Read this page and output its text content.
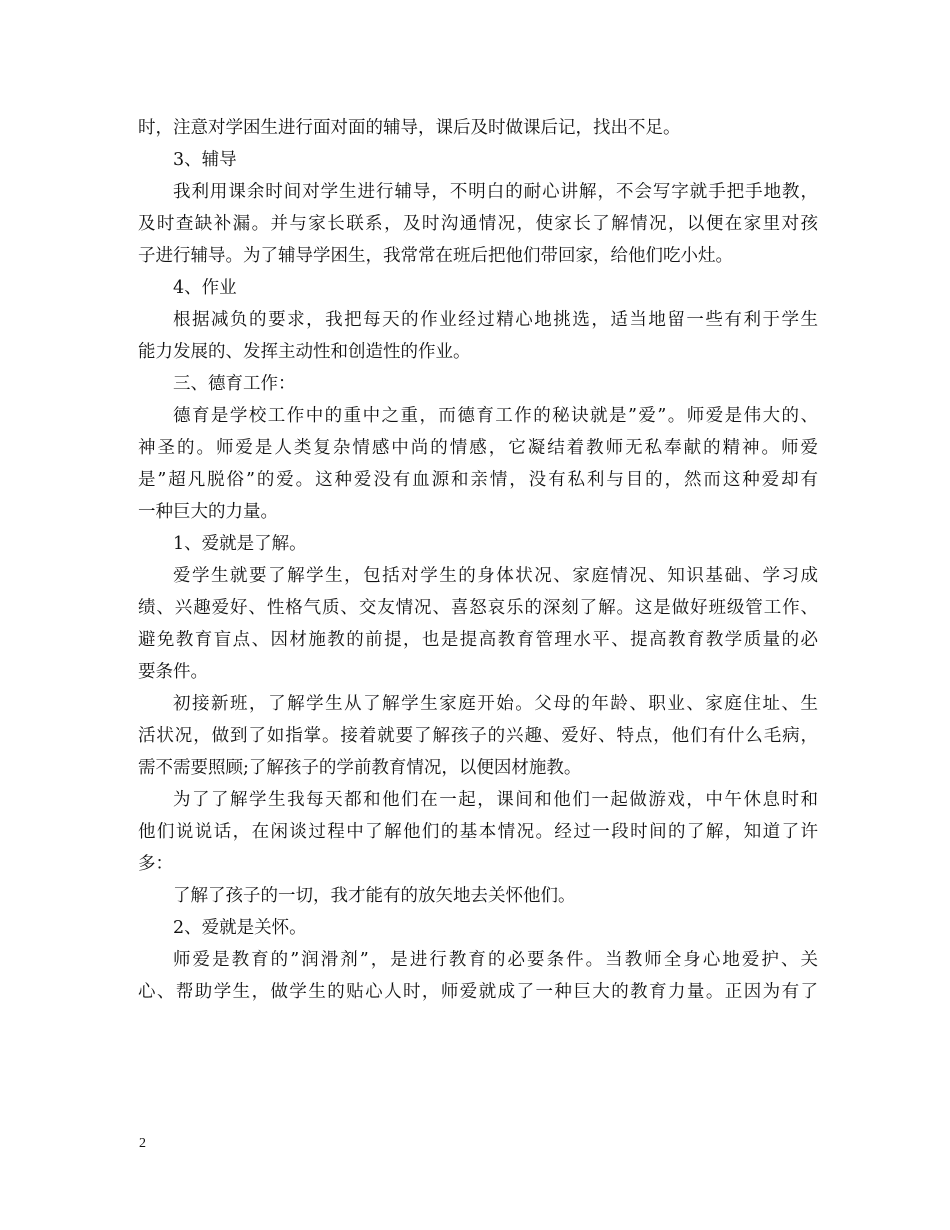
时，注意对学困生进行面对面的辅导，课后及时做课后记，找出不足。
3、辅导
我利用课余时间对学生进行辅导，不明白的耐心讲解，不会写字就手把手地教，
及时查缺补漏。并与家长联系，及时沟通情况，使家长了解情况，以便在家里对孩
子进行辅导。为了辅导学困生，我常常在班后把他们带回家，给他们吃小灶。
4、作业
根据减负的要求，我把每天的作业经过精心地挑选，适当地留一些有利于学生
能力发展的、发挥主动性和创造性的作业。
三、德育工作：
德育是学校工作中的重中之重，而德育工作的秘诀就是”爱”。师爱是伟大的、
神圣的。师爱是人类复杂情感中尚的情感，它凝结着教师无私奉献的精神。师爱
是”超凡脱俗”的爱。这种爱没有血源和亲情，没有私利与目的，然而这种爱却有
一种巨大的力量。
1、爱就是了解。
爱学生就要了解学生，包括对学生的身体状况、家庭情况、知识基础、学习成
绩、兴趣爱好、性格气质、交友情况、喜怒哀乐的深刻了解。这是做好班级管工作、
避免教育盲点、因材施教的前提，也是提高教育管理水平、提高教育教学质量的必
要条件。
初接新班，了解学生从了解学生家庭开始。父母的年龄、职业、家庭住址、生
活状况，做到了如指掌。接着就要了解孩子的兴趣、爱好、特点，他们有什么毛病，
需不需要照顾;了解孩子的学前教育情况，以便因材施教。
为了了解学生我每天都和他们在一起，课间和他们一起做游戏，中午休息时和
他们说说话，在闲谈过程中了解他们的基本情况。经过一段时间的了解，知道了许
多：
了解了孩子的一切，我才能有的放矢地去关怀他们。
2、爱就是关怀。
师爱是教育的”润滑剂”，是进行教育的必要条件。当教师全身心地爱护、关
心、帮助学生，做学生的贴心人时，师爱就成了一种巨大的教育力量。正因为有了
2
